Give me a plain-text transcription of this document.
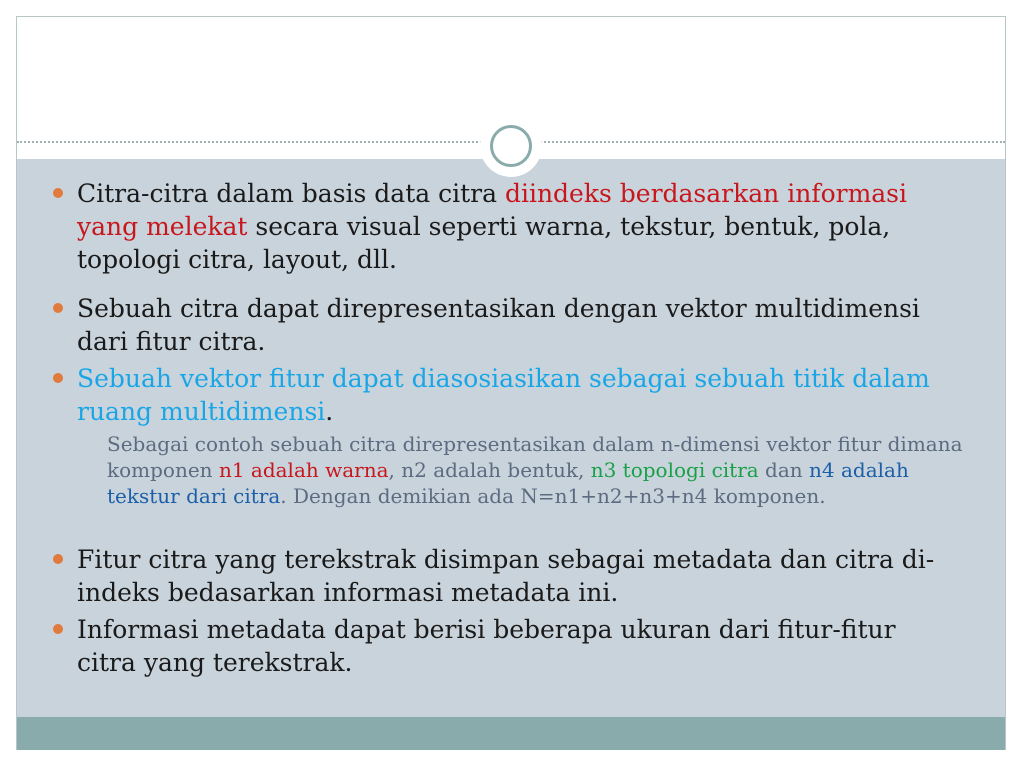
Citra-citra dalam basis data citra diindeks berdasarkan informasi yang melekat secara visual seperti warna, tekstur, bentuk, pola, topologi citra, layout, dll.
Sebuah citra dapat direpresentasikan dengan vektor multidimensi dari fitur citra.
Sebuah vektor fitur dapat diasosiasikan sebagai sebuah titik dalam ruang multidimensi.
Sebagai contoh sebuah citra direpresentasikan dalam n-dimensi vektor fitur dimana komponen n1 adalah warna, n2 adalah bentuk, n3 topologi citra dan n4 adalah tekstur dari citra. Dengan demikian ada N=n1+n2+n3+n4 komponen.
Fitur citra yang terekstrak disimpan sebagai metadata dan citra di-indeks bedasarkan informasi metadata ini.
Informasi metadata dapat berisi beberapa ukuran dari fitur-fitur citra yang terekstrak.
